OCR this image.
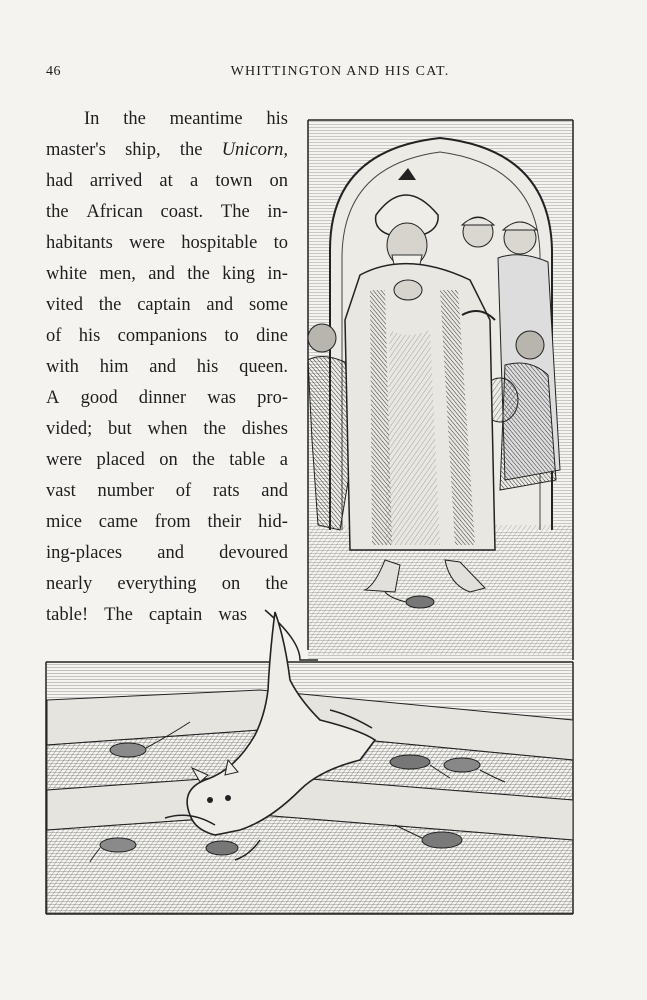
46	WHITTINGTON AND HIS CAT.
In the meantime his
master's ship, the Unicorn,
had arrived at a town on
the African coast. The in-
habitants were hospitable to
white men, and the king in-
vited the captain and some
of his companions to dine
with him and his queen.
A good dinner was pro-
vided; but when the dishes
were placed on the table a
vast number of rats and
mice came from their hid-
ing-places and devoured
nearly everything on the
table! The captain was
